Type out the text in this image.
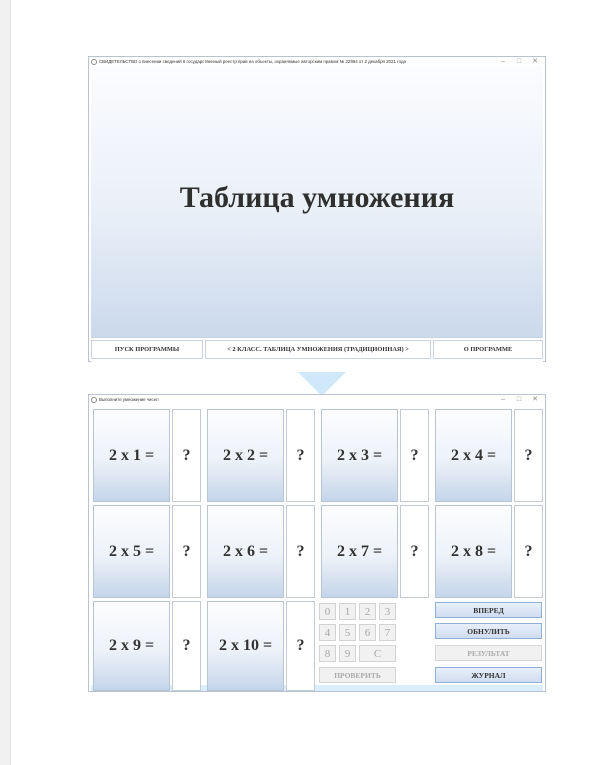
СВИДЕТЕЛЬСТВО о внесении сведений в государственный реестр прав на объекты, охраняемые авторским правом № 22994 от 2 декабря 2021 года	–	□	✕
Таблица умножения
ПУСК ПРОГРАММЫ	< 2 КЛАСС. ТАБЛИЦА УМНОЖЕНИЯ (ТРАДИЦИОННАЯ) >	О ПРОГРАММЕ
Выполните умножение чисел	–	□	✕
2 x 1 =	?	2 x 2 =	?	2 x 3 =	?	2 x 4 =	?
2 x 5 =	?	2 x 6 =	?	2 x 7 =	?	2 x 8 =	?
2 x 9 =	?	2 x 10 =	?
0	1	2	3
4	5	6	7
8	9	C
ПРОВЕРИТЬ
ВПЕРЕД
ОБНУЛИТЬ
РЕЗУЛЬТАТ
ЖУРНАЛ
